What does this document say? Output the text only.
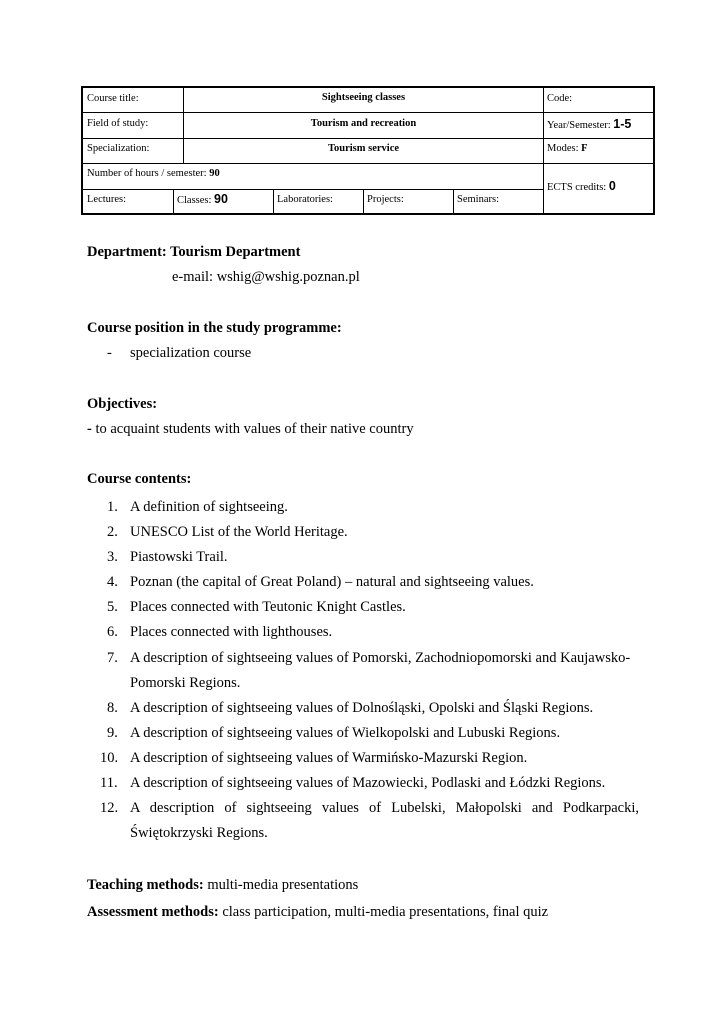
Course title:	Sightseeing classes	Code:
Field of study:	Tourism and recreation	Year/Semester: 1-5
Specialization:	Tourism service	Modes: F
Number of hours / semester: 90
ECTS credits: 0
Lectures:	Classes: 90	Laboratories:	Projects:	Seminars:
Department: Tourism Department
e-mail: wshig@wshig.poznan.pl
Course position in the study programme:
- specialization course
Objectives:
- to acquaint students with values of their native country
Course contents:
1. A definition of sightseeing.
2. UNESCO List of the World Heritage.
3. Piastowski Trail.
4. Poznan (the capital of Great Poland) – natural and sightseeing values.
5. Places connected with Teutonic Knight Castles.
6. Places connected with lighthouses.
7. A description of sightseeing values of Pomorski, Zachodniopomorski and Kaujawsko-
Pomorski Regions.
8. A description of sightseeing values of Dolnośląski, Opolski and Śląski Regions.
9. A description of sightseeing values of Wielkopolski and Lubuski Regions.
10. A description of sightseeing values of Warmińsko-Mazurski Region.
11. A description of sightseeing values of Mazowiecki, Podlaski and Łódzki Regions.
12. A description of sightseeing values of Lubelski, Małopolski and Podkarpacki,
Świętokrzyski Regions.
Teaching methods: multi-media presentations
Assessment methods: class participation, multi-media presentations, final quiz
